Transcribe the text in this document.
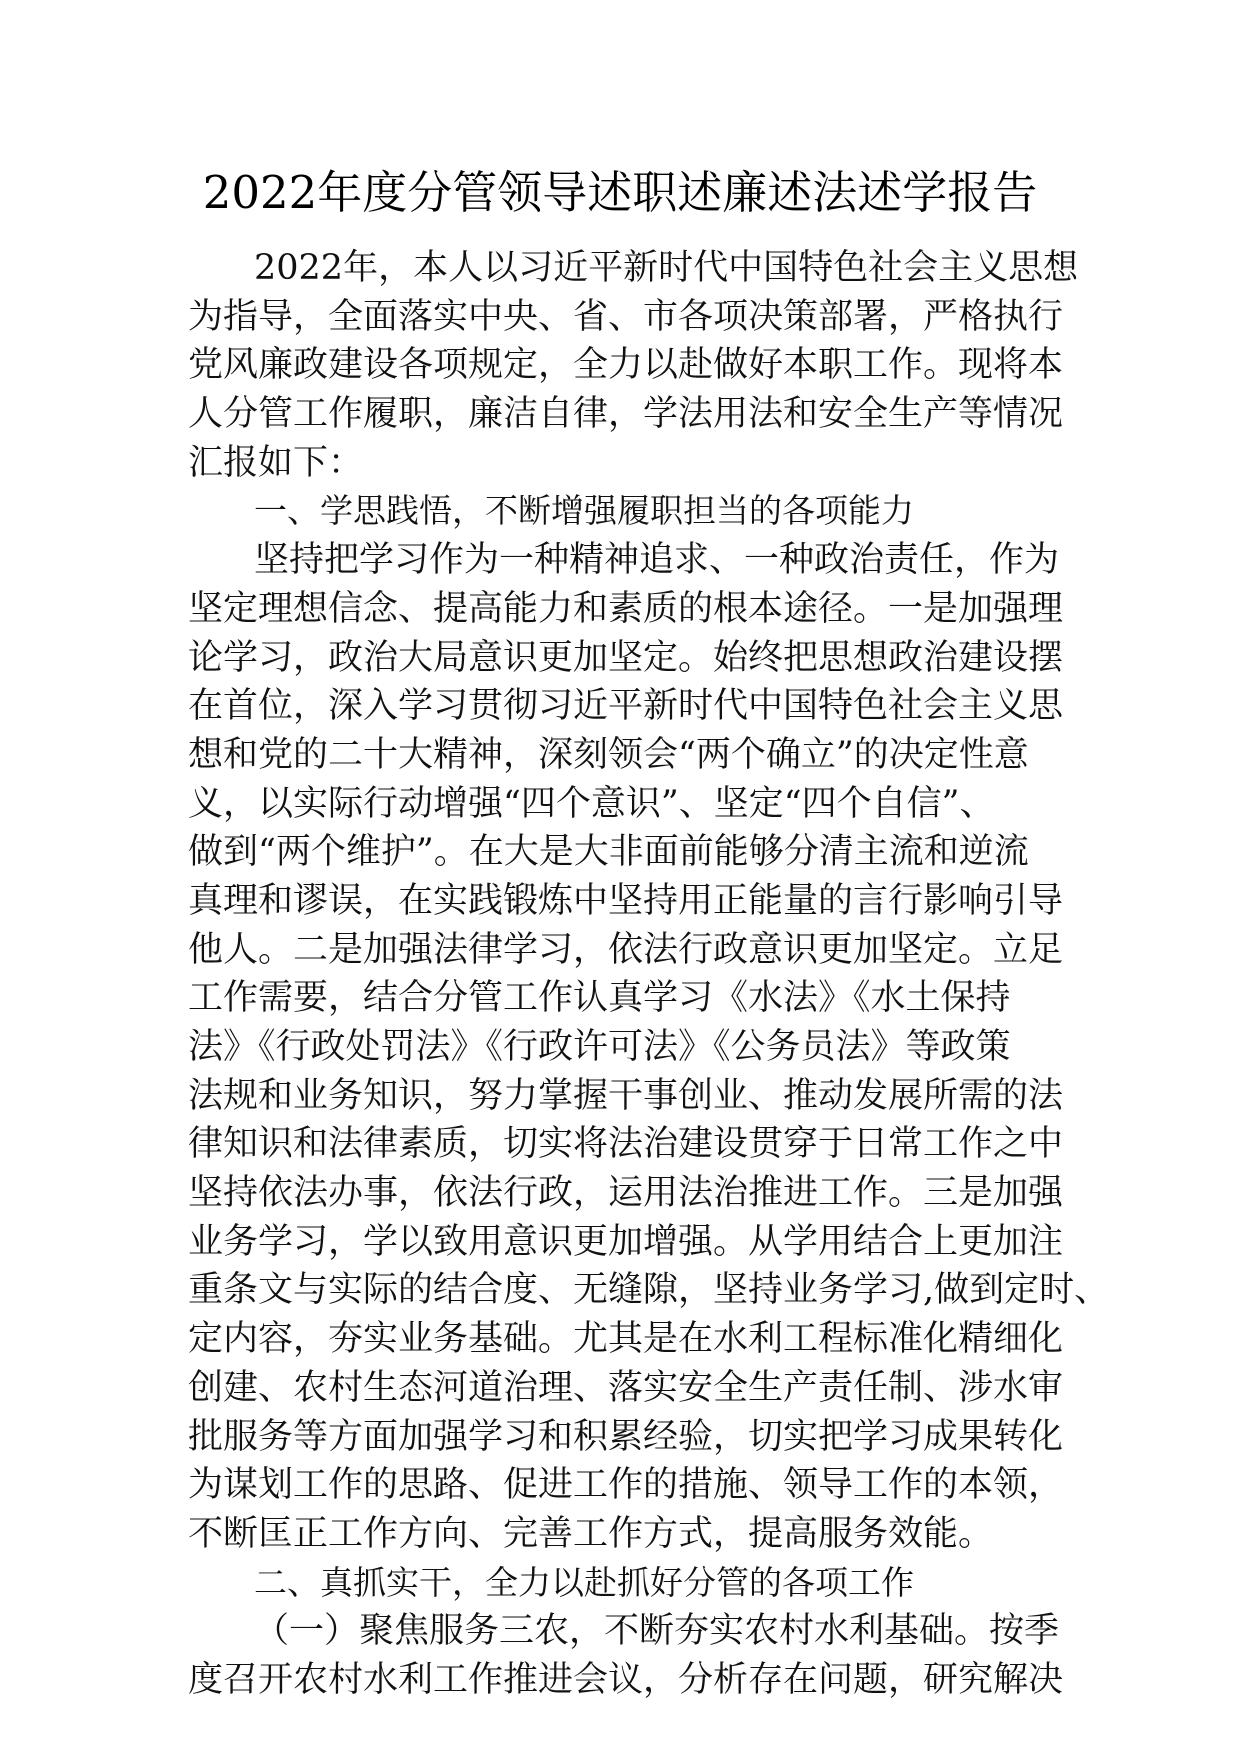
2022年度分管领导述职述廉述法述学报告
2022年，本人以习近平新时代中国特色社会主义思想
为指导，全面落实中央、省、市各项决策部署，严格执行
党风廉政建设各项规定，全力以赴做好本职工作。现将本
人分管工作履职，廉洁自律，学法用法和安全生产等情况
汇报如下：
一、学思践悟，不断增强履职担当的各项能力
坚持把学习作为一种精神追求、一种政治责任，作为
坚定理想信念、提高能力和素质的根本途径。一是加强理
论学习，政治大局意识更加坚定。始终把思想政治建设摆
在首位，深入学习贯彻习近平新时代中国特色社会主义思
想和党的二十大精神，深刻领会“两个确立”的决定性意
义，以实际行动增强“四个意识”、坚定“四个自信”、
做到“两个维护”。在大是大非面前能够分清主流和逆流
真理和谬误，在实践锻炼中坚持用正能量的言行影响引导
他人。二是加强法律学习，依法行政意识更加坚定。立足
工作需要，结合分管工作认真学习《水法》《水土保持
法》《行政处罚法》《行政许可法》《公务员法》等政策
法规和业务知识，努力掌握干事创业、推动发展所需的法
律知识和法律素质，切实将法治建设贯穿于日常工作之中
坚持依法办事，依法行政，运用法治推进工作。三是加强
业务学习，学以致用意识更加增强。从学用结合上更加注
重条文与实际的结合度、无缝隙，坚持业务学习,做到定时、
定内容，夯实业务基础。尤其是在水利工程标准化精细化
创建、农村生态河道治理、落实安全生产责任制、涉水审
批服务等方面加强学习和积累经验，切实把学习成果转化
为谋划工作的思路、促进工作的措施、领导工作的本领，
不断匡正工作方向、完善工作方式，提高服务效能。
二、真抓实干，全力以赴抓好分管的各项工作
（一）聚焦服务三农，不断夯实农村水利基础。按季
度召开农村水利工作推进会议，分析存在问题，研究解决
